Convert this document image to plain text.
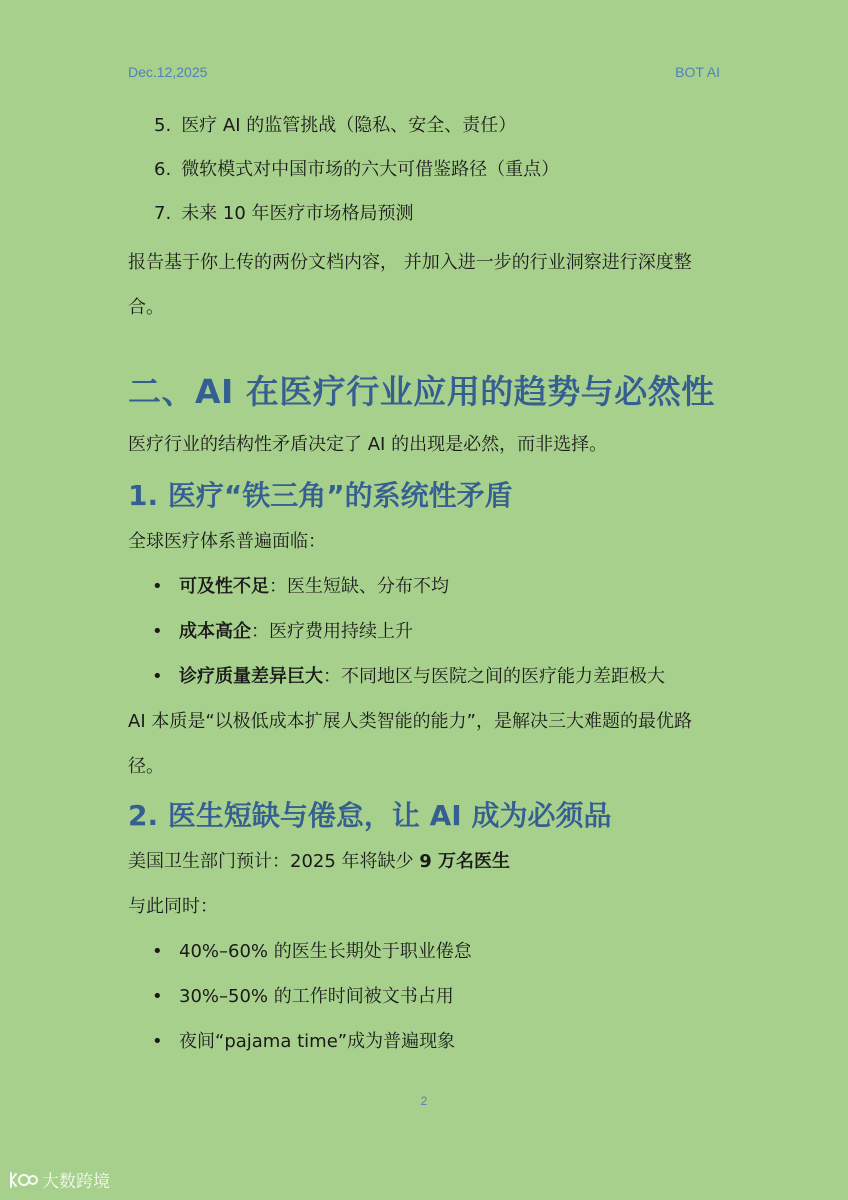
Dec.12,2025	BOT AI
5. 医疗 AI 的监管挑战（隐私、安全、责任）
6. 微软模式对中国市场的六大可借鉴路径（重点）
7. 未来 10 年医疗市场格局预测

报告基于你上传的两份文档内容， 并加入进一步的行业洞察进行深度整合。

二、AI 在医疗行业应用的趋势与必然性

医疗行业的结构性矛盾决定了 AI 的出现是必然，而非选择。

1. 医疗“铁三角”的系统性矛盾

全球医疗体系普遍面临：

• 可及性不足：医生短缺、分布不均
• 成本高企：医疗费用持续上升
• 诊疗质量差异巨大：不同地区与医院之间的医疗能力差距极大

AI 本质是“以极低成本扩展人类智能的能力”，是解决三大难题的最优路径。

2. 医生短缺与倦怠，让 AI 成为必须品

美国卫生部门预计：2025 年将缺少 9 万名医生

与此同时：

• 40%–60% 的医生长期处于职业倦怠
• 30%–50% 的工作时间被文书占用
• 夜间“pajama time”成为普遍现象
2
大数跨境
